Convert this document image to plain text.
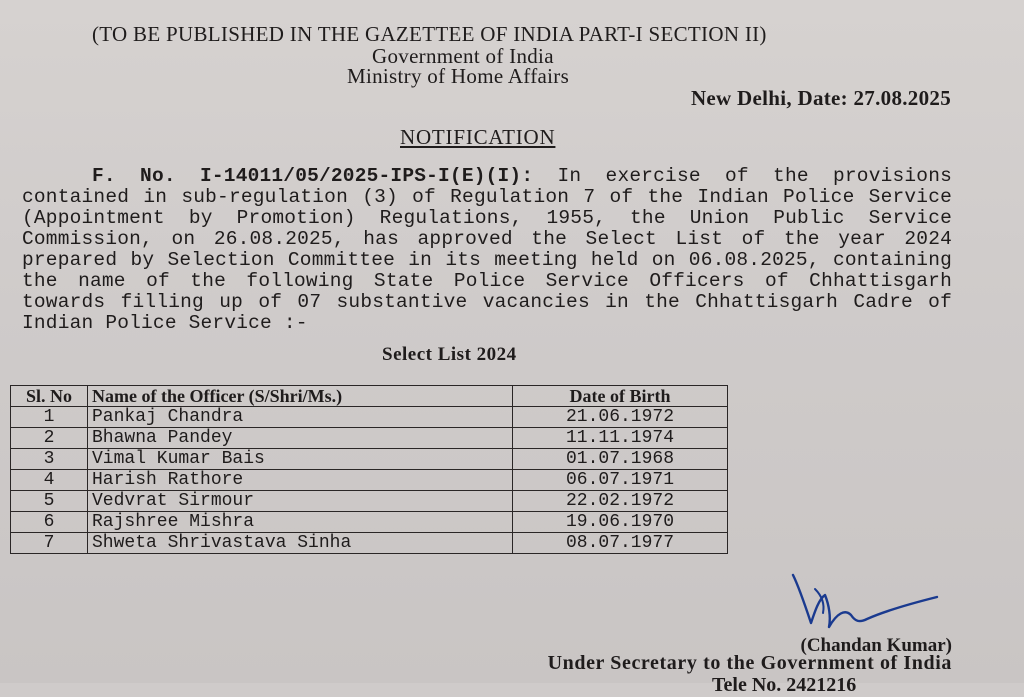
(TO BE PUBLISHED IN THE GAZETTEE OF INDIA PART-I SECTION II)
Government of India
Ministry of Home Affairs
New Delhi, Date: 27.08.2025
NOTIFICATION
F. No. I-14011/05/2025-IPS-I(E)(I): In exercise of the provisions contained in sub-regulation (3) of Regulation 7 of the Indian Police Service (Appointment by Promotion) Regulations, 1955, the Union Public Service Commission, on 26.08.2025, has approved the Select List of the year 2024 prepared by Selection Committee in its meeting held on 06.08.2025, containing the name of the following State Police Service Officers of Chhattisgarh towards filling up of 07 substantive vacancies in the Chhattisgarh Cadre of Indian Police Service :-
Select List 2024
Sl. No	Name of the Officer (S/Shri/Ms.)	Date of Birth
1	Pankaj Chandra	21.06.1972
2	Bhawna Pandey	11.11.1974
3	Vimal Kumar Bais	01.07.1968
4	Harish Rathore	06.07.1971
5	Vedvrat Sirmour	22.02.1972
6	Rajshree Mishra	19.06.1970
7	Shweta Shrivastava Sinha	08.07.1977
(Chandan Kumar)
Under Secretary to the Government of India
Tele No. 2421216
